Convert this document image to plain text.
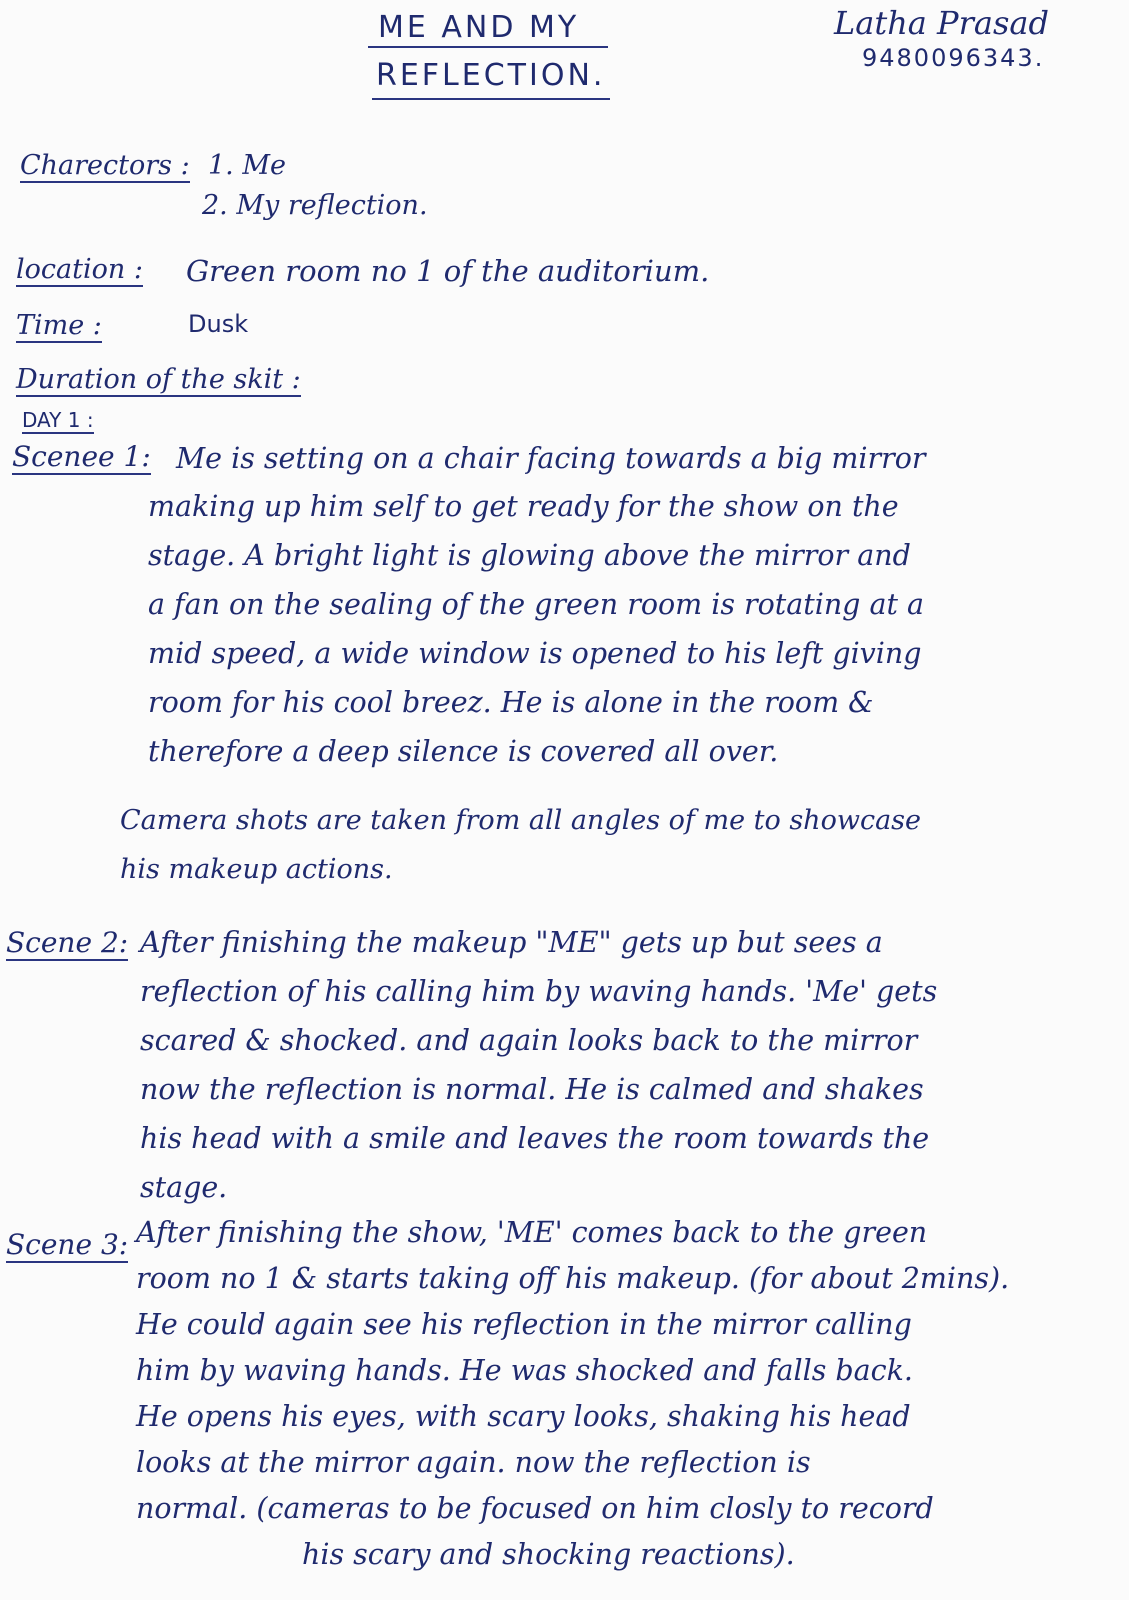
ME AND MY
REFLECTION.
Latha Prasad
9480096343.
Charectors : 1. Me
2. My reflection.
location : Green room no 1 of the auditorium.
Time :	Dusk
Duration of the skit :
DAY 1 :
Scenee 1: Me is setting on a chair facing towards a big mirror
making up him self to get ready for the show on the
stage. A bright light is glowing above the mirror and
a fan on the sealing of the green room is rotating at a
mid speed, a wide window is opened to his left giving
room for his cool breez. He is alone in the room &
therefore a deep silence is covered all over.
Camera shots are taken from all angles of me to showcase
his makeup actions.
Scene 2: After finishing the makeup "ME" gets up but sees a
reflection of his calling him by waving hands. 'Me' gets
scared & shocked. and again looks back to the mirror
now the reflection is normal. He is calmed and shakes
his head with a smile and leaves the room towards the
stage.
Scene 3: After finishing the show, 'ME' comes back to the green
room no 1 & starts taking off his makeup. (for about 2mins).
He could again see his reflection in the mirror calling
him by waving hands. He was shocked and falls back.
He opens his eyes, with scary looks, shaking his head
looks at the mirror again. now the reflection is
normal. (cameras to be focused on him closly to record
his scary and shocking reactions).
